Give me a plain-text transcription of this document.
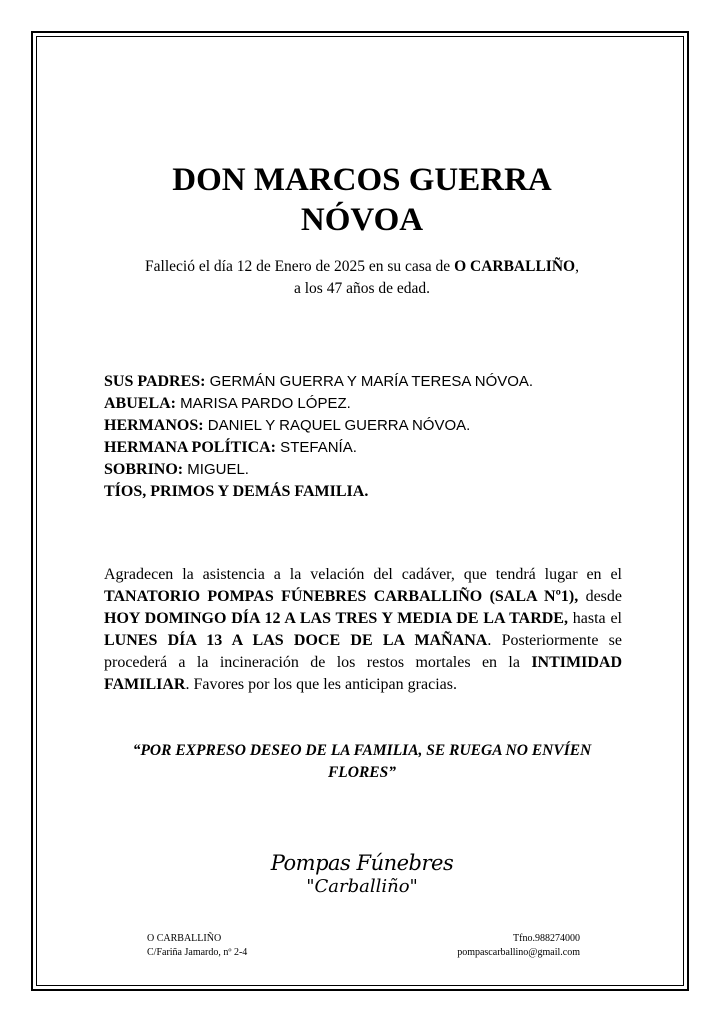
DON MARCOS GUERRA
NÓVOA
Falleció el día 12 de Enero de 2025 en su casa de O CARBALLIÑO,
a los 47 años de edad.

SUS PADRES: GERMÁN GUERRA Y MARÍA TERESA NÓVOA.

ABUELA: MARISA PARDO LÓPEZ.

HERMANOS: DANIEL Y RAQUEL GUERRA NÓVOA.

HERMANA POLÍTICA: STEFANÍA.

SOBRINO: MIGUEL.

TÍOS, PRIMOS Y DEMÁS FAMILIA.

Agradecen la asistencia a la velación del cadáver, que tendrá lugar en el TANATORIO POMPAS FÚNEBRES CARBALLIÑO (SALA Nº1), desde HOY DOMINGO DÍA 12 A LAS TRES Y MEDIA DE LA TARDE, hasta el LUNES DÍA 13 A LAS DOCE DE LA MAÑANA. Posteriormente se procederá a la incineración de los restos mortales en la INTIMIDAD FAMILIAR. Favores por los que les anticipan gracias.

“POR EXPRESO DESEO DE LA FAMILIA, SE RUEGA NO ENVÍEN
FLORES”
Pompas Fúnebres
"Carballiño"
O CARBALLIÑO
C/Fariña Jamardo, nº 2-4
Tfno.988274000
pompascarballino@gmail.com
